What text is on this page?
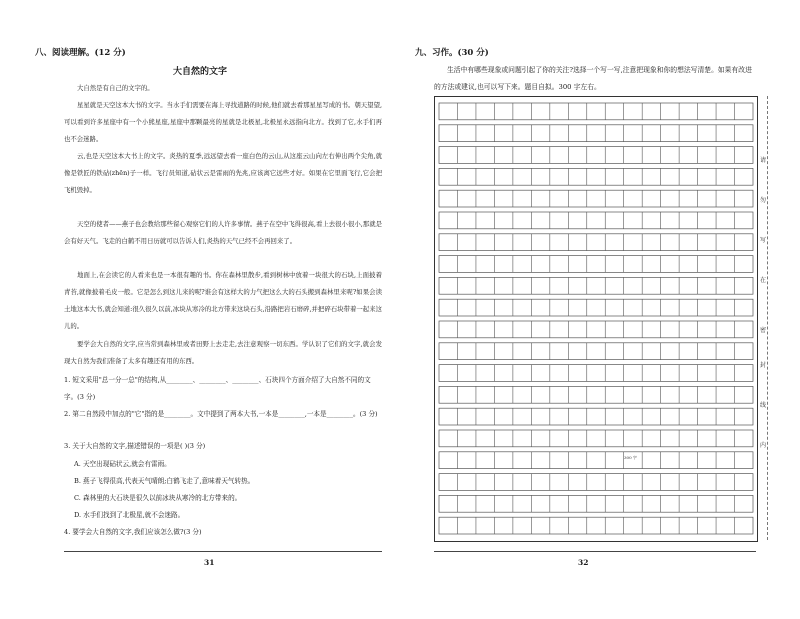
八、阅读理解。(12 分)
大自然的文字
大自然是有自己的文字的。
星星就是天空这本大书的文字。当水手们需要在海上寻找道路的时候,他们就去看那星星写成的书。朝天望望,可以看到许多星座中有一个小熊星座,星座中那颗最亮的星就是北极星,北极星永远指向北方。找到了它,水手们再也不会迷路。
云,也是天空这本大书上的文字。炎热的夏季,远远望去看一座白色的云山,从这座云山向左右伸出两个尖角,就像是铁匠的铁砧(zhēn)子一样。飞行员知道,砧状云是雷雨的先兆,应该离它远些才好。如果在它里面飞行,它会把飞机毁掉。
天空的使者——燕子也会教给那些留心观察它们的人许多事情。燕子在空中飞得很高,看上去很小很小,那就是会有好天气。飞走的白鹤不用日历就可以告诉人们,炎热的天气已经不会再回来了。
地面上,在会读它的人看来也是一本很有趣的书。你在森林里散步,看到树林中放着一块很大的石块,上面披着青苔,就像披着毛皮一般。它是怎么到这儿来的呢?谁会有这样大的力气把这么大的石头搬到森林里来呢?如果会读土地这本大书,就会知道:很久很久以前,冰块从寒冷的北方带来这块石头,沿路把岩石磨碎,并把碎石块带着一起来这儿的。
要学会大自然的文字,应当常到森林里或者田野上去走走,去注意观察一切东西。学认识了它们的文字,就会发现大自然为我们准备了太多有趣还有用的东西。
1. 短文采用"总一分一总"的结构,从________、________、________、石块四个方面介绍了大自然不同的文字。(3 分)
2. 第二自然段中加点的"它"指的是________。文中提到了两本大书,一本是________,一本是________。(3 分)
3. 关于大自然的文字,描述错误的一项是( )(3 分)
A. 天空出现砧状云,就会有雷雨。
B. 燕子飞得很高,代表天气晴朗;白鹤飞走了,意味着天气转热。
C. 森林里的大石块是很久以前冰块从寒冷的北方带来的。
D. 水手们找到了北极星,就不会迷路。
4. 要学会大自然的文字,我们应该怎么做?(3 分)
31
九、习作。(30 分)
生活中有哪些现象或问题引起了你的关注?选择一个写一写,注意把现象和你的想法写清楚。如果有改进的方法或建议,也可以写下来。题目自拟。300 字左右。
300 字
请
勿
写
在
密
封
线
内
32
